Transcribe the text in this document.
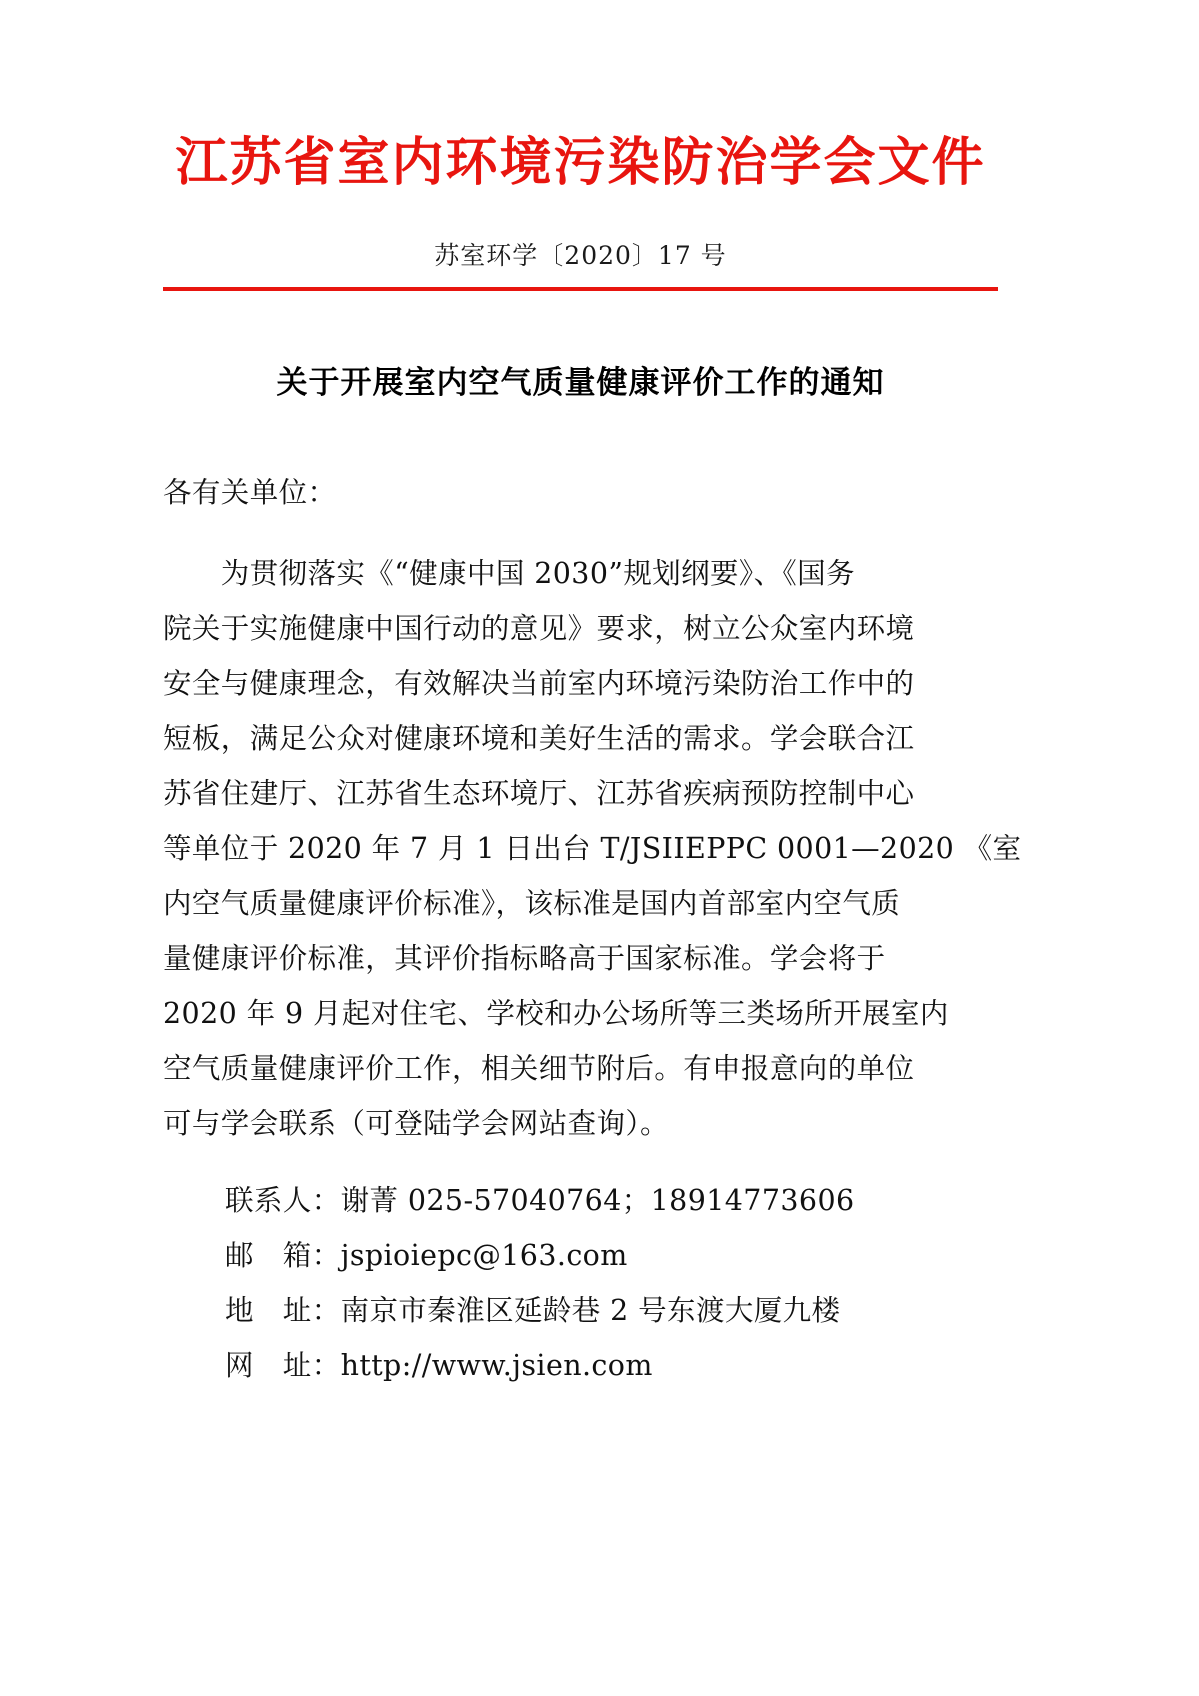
江苏省室内环境污染防治学会文件
苏室环学〔2020〕17 号
关于开展室内空气质量健康评价工作的通知

各有关单位：

　　为贯彻落实《“健康中国 2030”规划纲要》、《国务

院关于实施健康中国行动的意见》要求，树立公众室内环境

安全与健康理念，有效解决当前室内环境污染防治工作中的

短板，满足公众对健康环境和美好生活的需求。学会联合江

苏省住建厅、江苏省生态环境厅、江苏省疾病预防控制中心

等单位于 2020 年 7 月 1 日出台 T/JSIIEPPC 0001—2020 《室

内空气质量健康评价标准》，该标准是国内首部室内空气质

量健康评价标准，其评价指标略高于国家标准。学会将于

2020 年 9 月起对住宅、学校和办公场所等三类场所开展室内

空气质量健康评价工作，相关细节附后。有申报意向的单位

可与学会联系（可登陆学会网站查询）。

联系人：谢菁 025-57040764；18914773606

邮　箱：jspioiepc@163.com

地　址：南京市秦淮区延龄巷 2 号东渡大厦九楼

网　址：http://www.jsien.com
